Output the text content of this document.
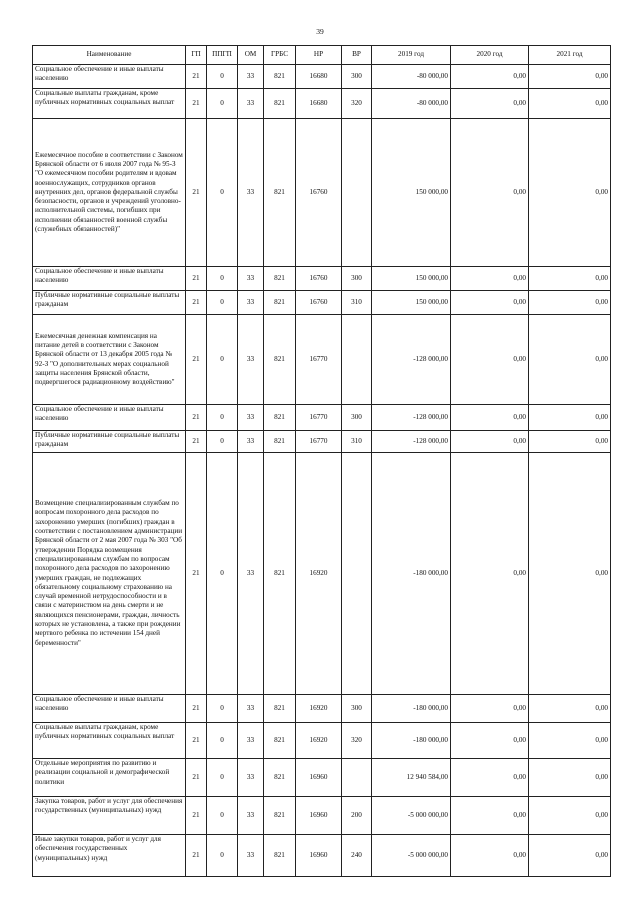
39
Наименование	ГП	ППГП	ОМ	ГРБС	НР	ВР	2019 год	2020 год	2021 год
Социальное обеспечение и иные выплаты населению	21	0	33	821	16680	300	-80 000,00	0,00	0,00
Социальные выплаты гражданам, кроме публичных нормативных социальных выплат	21	0	33	821	16680	320	-80 000,00	0,00	0,00
Ежемесячное пособие в соответствии с Законом Брянской области от 6 июля 2007 года № 95-З "О ежемесячном пособии родителям и вдовам военнослужащих, сотрудников органов внутренних дел, органов федеральной службы безопасности, органов и учреждений уголовно-исполнительной системы, погибших при исполнении обязанностей военной службы (служебных обязанностей)"	21	0	33	821	16760		150 000,00	0,00	0,00
Социальное обеспечение и иные выплаты населению	21	0	33	821	16760	300	150 000,00	0,00	0,00
Публичные нормативные социальные выплаты гражданам	21	0	33	821	16760	310	150 000,00	0,00	0,00
Ежемесячная денежная компенсация на питание детей в соответствии с Законом Брянской области от 13 декабря 2005 года № 92-З "О дополнительных мерах социальной защиты населения Брянской области, подвергшегося радиационному воздействию"	21	0	33	821	16770		-128 000,00	0,00	0,00
Социальное обеспечение и иные выплаты населению	21	0	33	821	16770	300	-128 000,00	0,00	0,00
Публичные нормативные социальные выплаты гражданам	21	0	33	821	16770	310	-128 000,00	0,00	0,00
Возмещение специализированным службам по вопросам похоронного дела расходов по захоронению умерших (погибших) граждан в соответствии с постановлением администрации Брянской области от 2 мая 2007 года № 303 "Об утверждении Порядка возмещения специализированным службам по вопросам похоронного дела расходов по захоронению умерших граждан, не подлежащих обязательному социальному страхованию на случай временной нетрудоспособности и в связи с материнством на день смерти и не являющихся пенсионерами, граждан, личность которых не установлена, а также при рождении мертвого ребенка по истечении 154 дней беременности"	21	0	33	821	16920		-180 000,00	0,00	0,00
Социальное обеспечение и иные выплаты населению	21	0	33	821	16920	300	-180 000,00	0,00	0,00
Социальные выплаты гражданам, кроме публичных нормативных социальных выплат	21	0	33	821	16920	320	-180 000,00	0,00	0,00
Отдельные мероприятия по развитию и реализации социальной и демографической политики	21	0	33	821	16960		12 940 584,00	0,00	0,00
Закупка товаров, работ и услуг для обеспечения государственных (муниципальных) нужд	21	0	33	821	16960	200	-5 000 000,00	0,00	0,00
Иные закупки товаров, работ и услуг для обеспечения государственных (муниципальных) нужд	21	0	33	821	16960	240	-5 000 000,00	0,00	0,00
